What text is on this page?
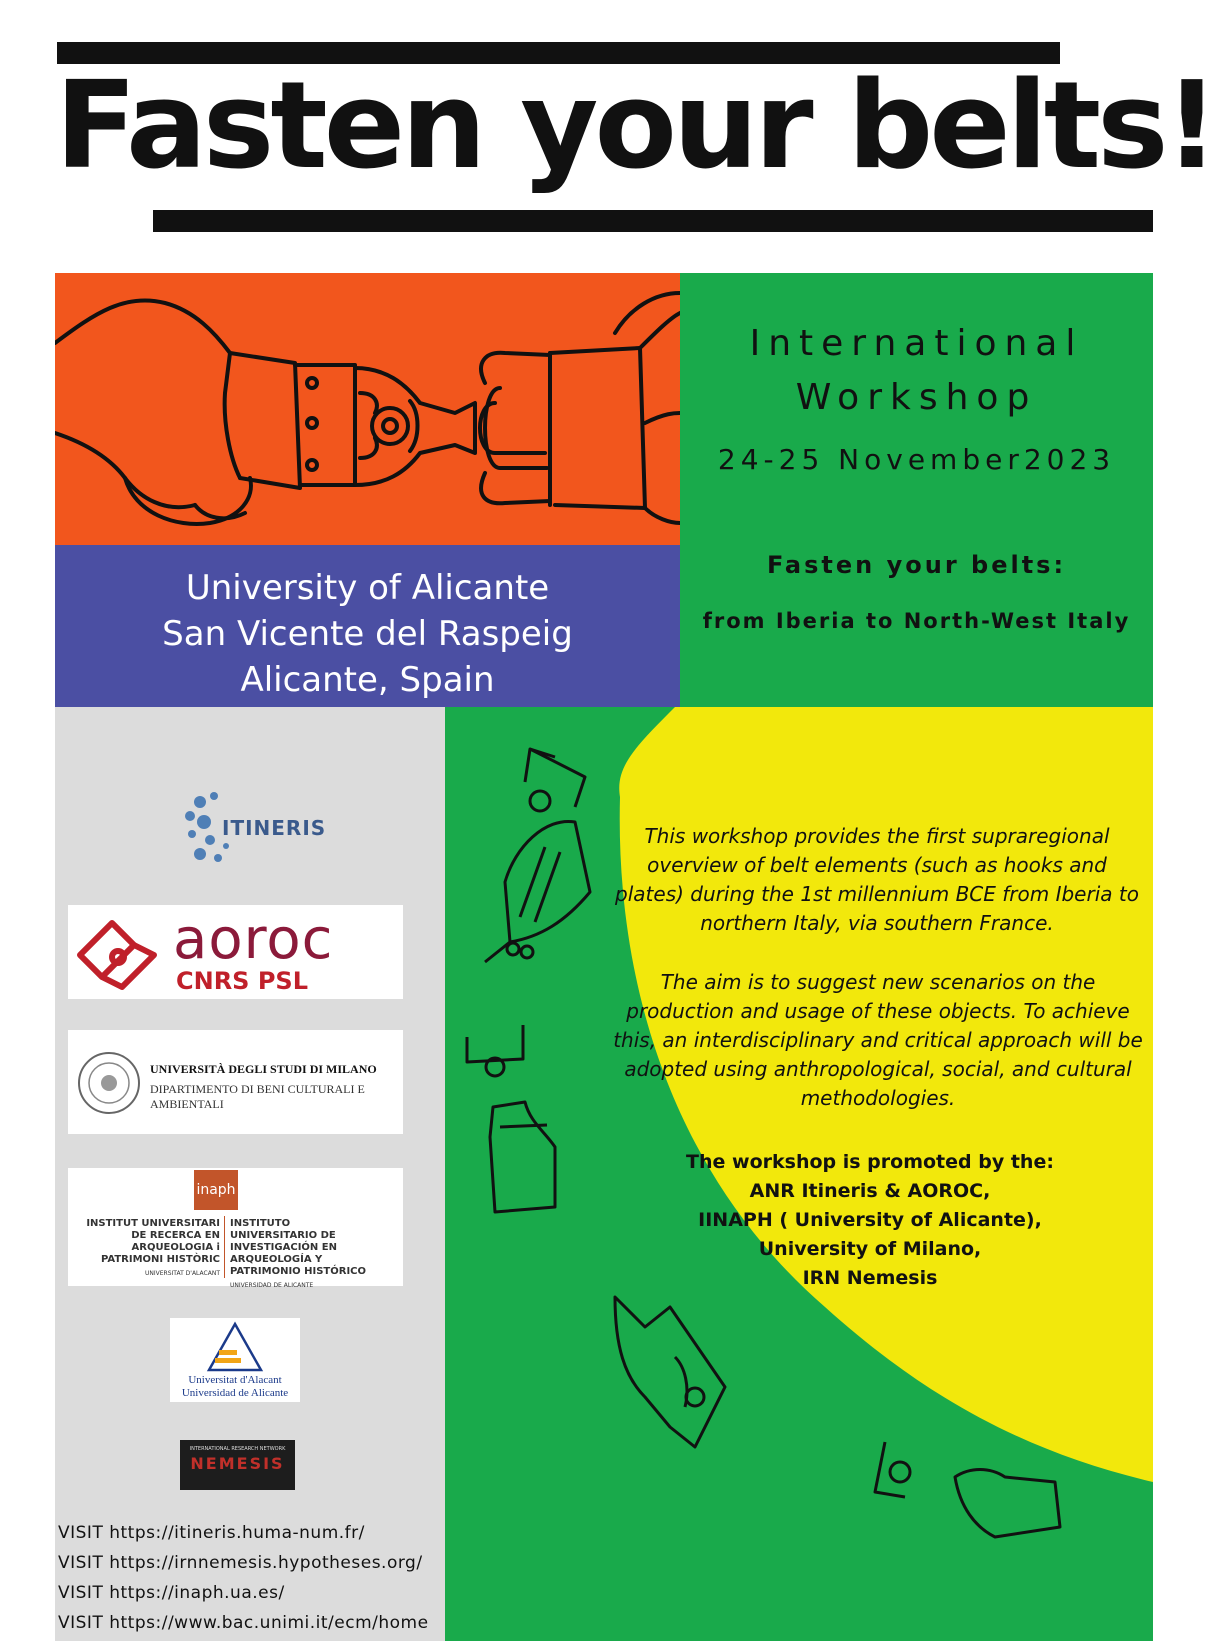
Fasten your belts!
University of Alicante
San Vicente del Raspeig
Alicante, Spain
International
Workshop
24-25 November2023
Fasten your belts:
from Iberia to North-West Italy
This workshop provides the first supraregional overview of belt elements (such as hooks and plates) during the 1st millennium BCE from Iberia to northern Italy, via southern France.
The aim is to suggest new scenarios on the production and usage of these objects. To achieve this, an interdisciplinary and critical approach will be adopted using anthropological, social, and cultural methodologies.
The workshop is promoted by the:
ANR Itineris & AOROC,
IINAPH ( University of Alicante),
University of Milano,
IRN Nemesis
ITINERIS
aoroc
CNRS PSL
UNIVERSITÀ DEGLI STUDI DI MILANO
DIPARTIMENTO DI BENI CULTURALI E AMBIENTALI
inaph
INSTITUT UNIVERSITARI DE RECERCA EN ARQUEOLOGIA i PATRIMONI HISTÒRIC
UNIVERSITAT D'ALACANT
INSTITUTO UNIVERSITARIO DE INVESTIGACIÓN EN ARQUEOLOGÍA Y PATRIMONIO HISTÓRICO
UNIVERSIDAD DE ALICANTE
Universitat d'Alacant
Universidad de Alicante
INTERNATIONAL RESEARCH NETWORK
NEMESIS
VISIT https://itineris.huma-num.fr/
VISIT https://irnnemesis.hypotheses.org/
VISIT https://inaph.ua.es/
VISIT https://www.bac.unimi.it/ecm/home
